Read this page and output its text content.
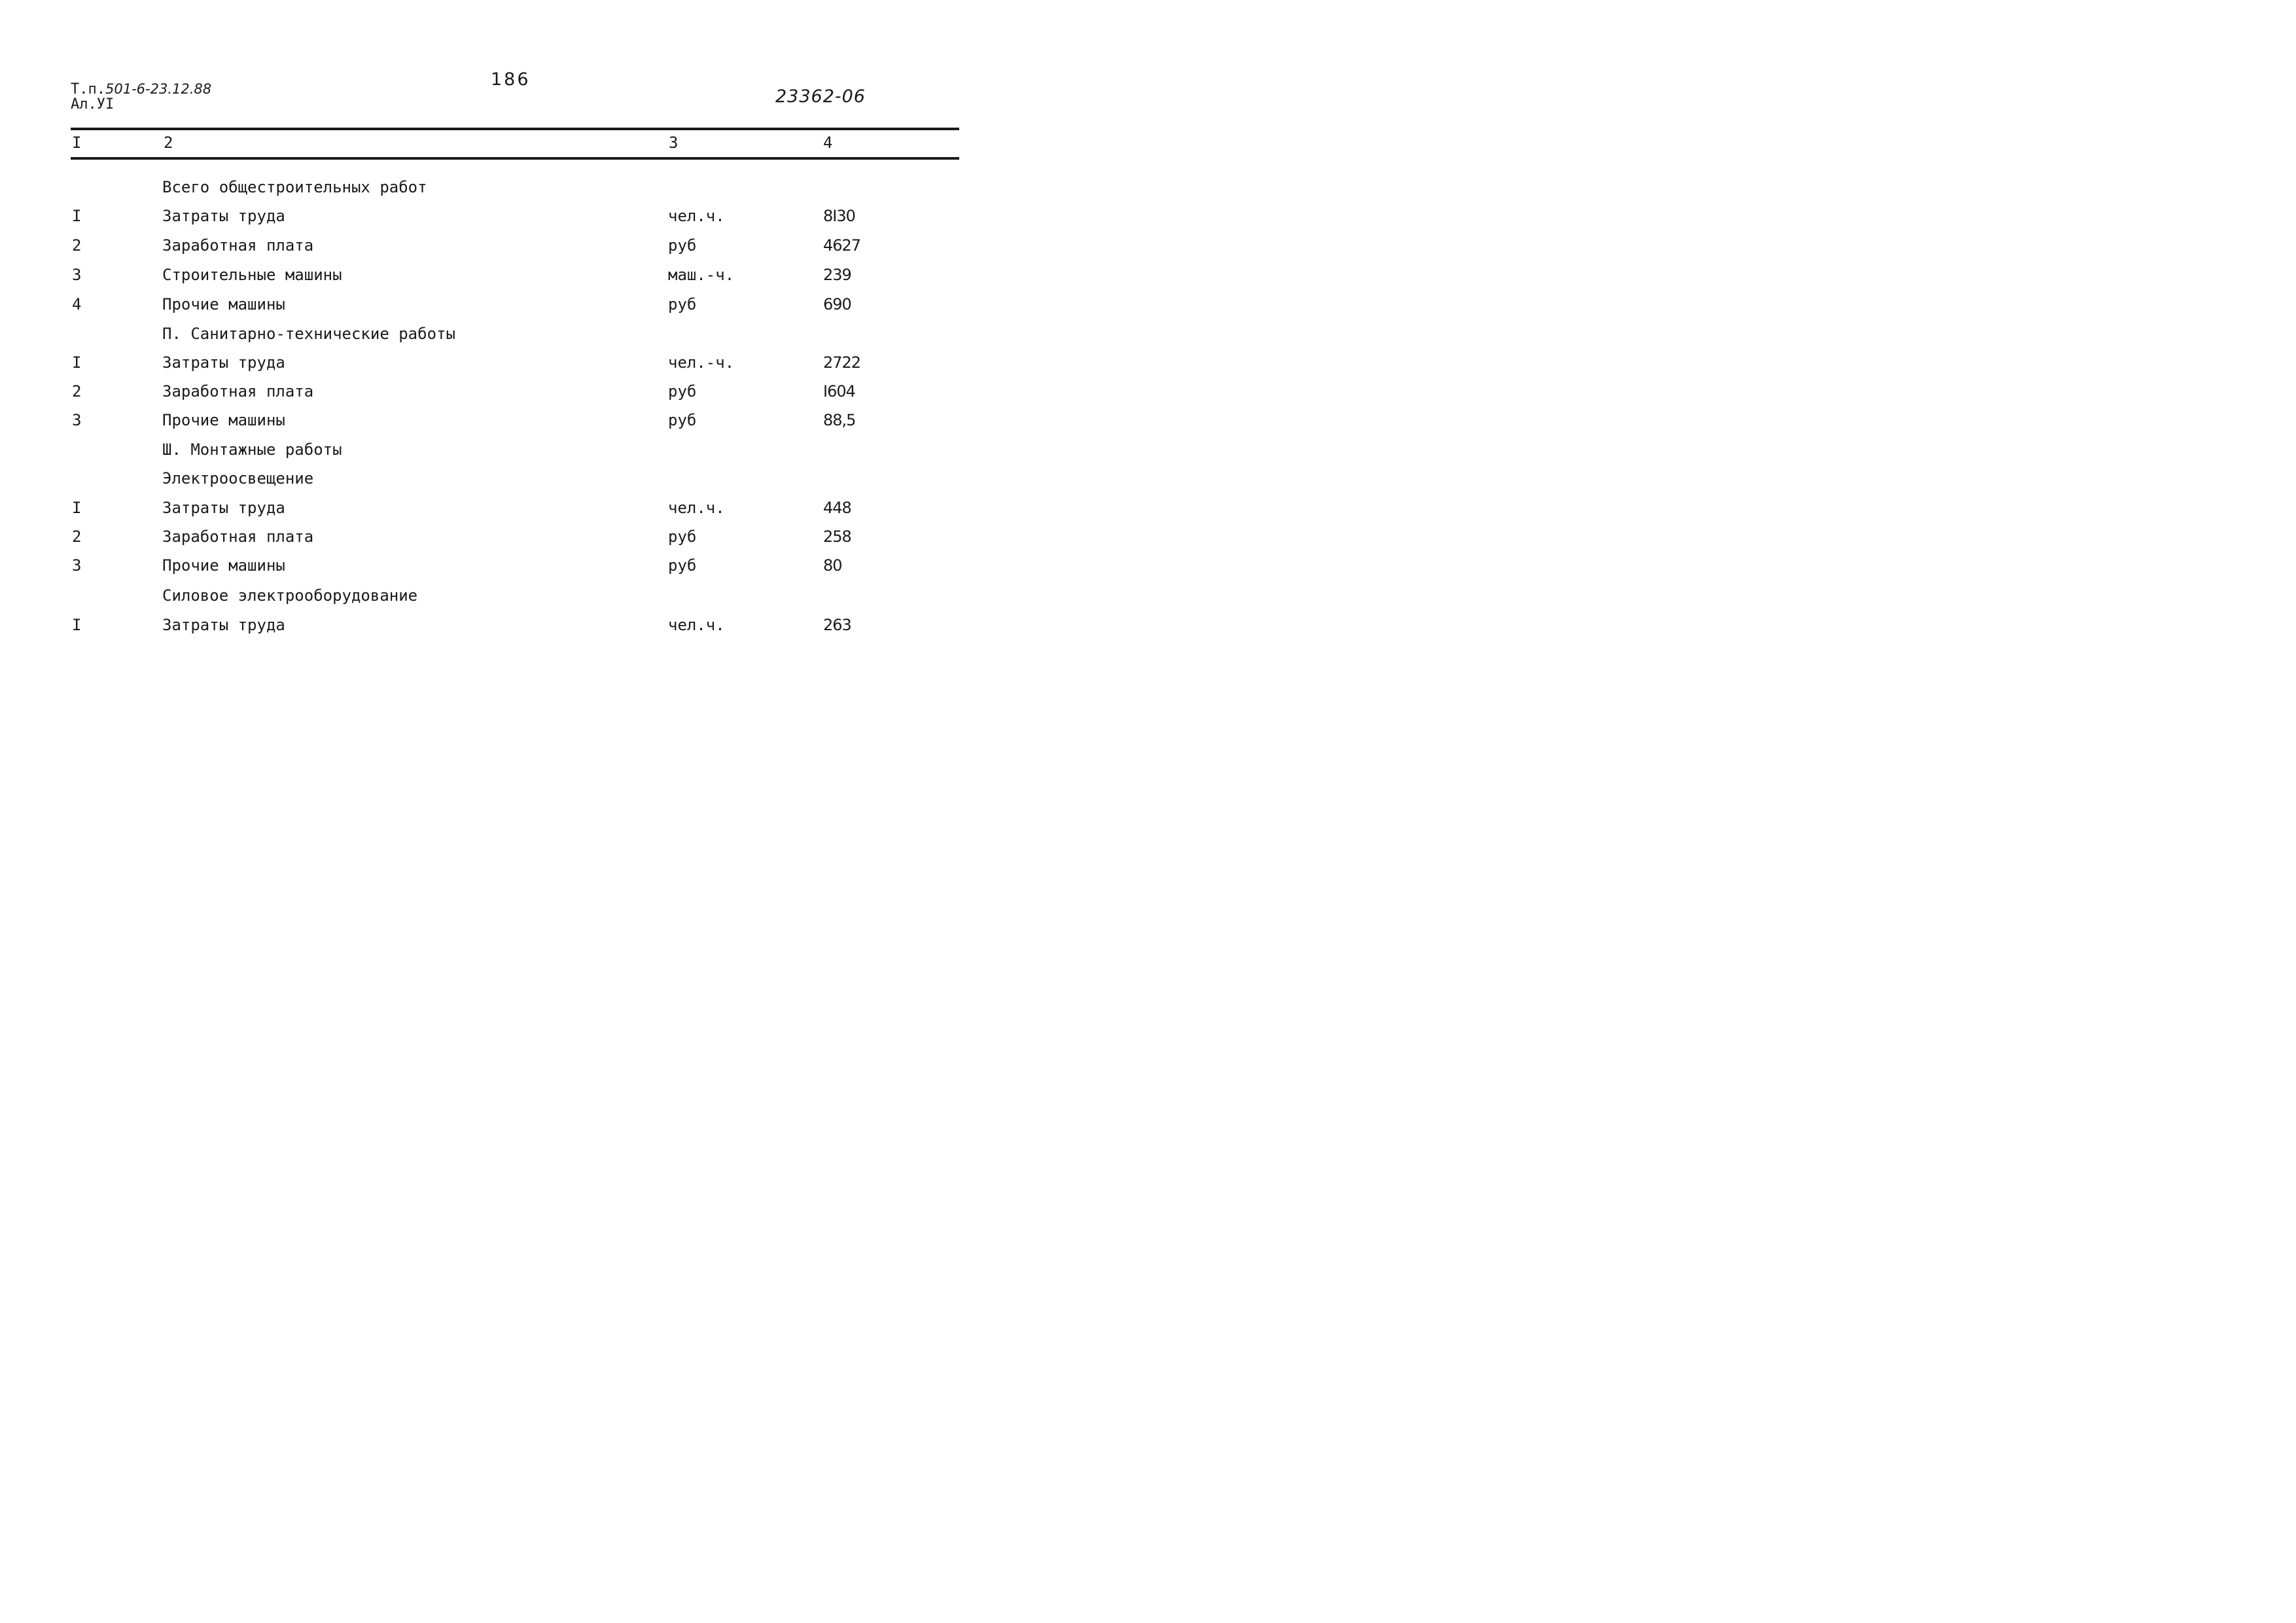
Т.п.501-6-23.12.88
Ал.УI
186
23362-06
I	2	3	4
Всего общестроительных работ
I	Затраты труда	чел.ч.	8I30
2	Заработная плата	руб	4627
3	Строительные машины	маш.-ч.	239
4	Прочие машины	руб	690
П. Санитарно-технические работы
I	Затраты труда	чел.-ч.	2722
2	Заработная плата	руб	I604
3	Прочие машины	руб	88,5
Ш. Монтажные работы
Электроосвещение
I	Затраты труда	чел.ч.	448
2	Заработная плата	руб	258
3	Прочие машины	руб	80
Силовое электрооборудование
I	Затраты труда	чел.ч.	263
